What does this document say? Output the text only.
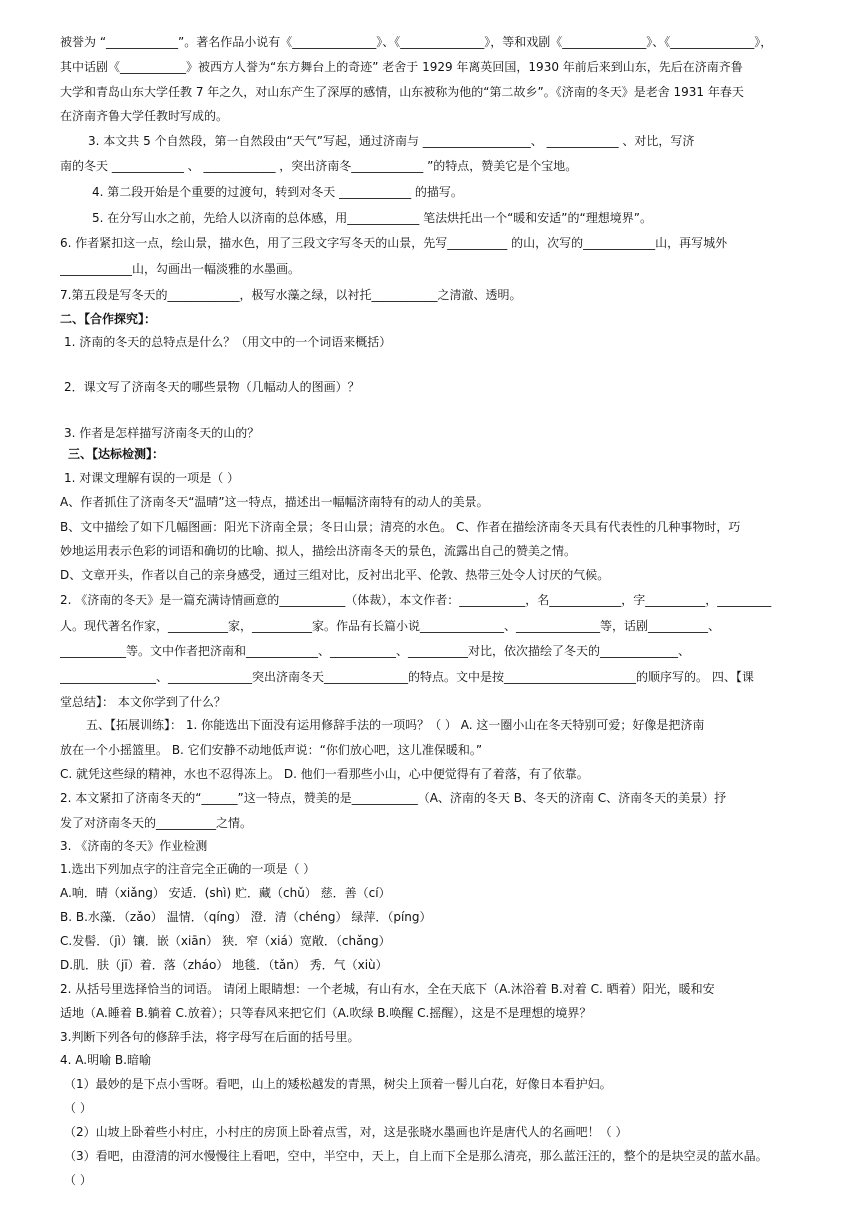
被誉为 “____________”。著名作品小说有《______________》、《______________》，等和戏剧《______________》、《______________》，
其中话剧《___________》被西方人誉为“东方舞台上的奇迹” 老舍于 1929 年离英回国，1930 年前后来到山东，先后在济南齐鲁
大学和青岛山东大学任教 7 年之久，对山东产生了深厚的感情，山东被称为他的“第二故乡”。《济南的冬天》是老舍 1931 年春天
在济南齐鲁大学任教时写成的。
3. 本文共 5 个自然段，第一自然段由“天气”写起，通过济南与 __________________、 ____________ 、对比，写济
南的冬天 ____________ 、 ____________ ，突出济南冬____________ ”的特点，赞美它是个宝地。
4. 第二段开始是个重要的过渡句，转到对冬天 ____________ 的描写。
5. 在分写山水之前，先给人以济南的总体感，用____________ 笔法烘托出一个“暖和安适”的“理想境界”。
6. 作者紧扣这一点，绘山景，描水色，用了三段文字写冬天的山景，先写__________ 的山，次写的____________山，再写城外
____________山，勾画出一幅淡雅的水墨画。
7.第五段是写冬天的____________，极写水藻之绿，以衬托___________之清澈、透明。
二、【合作探究】：
1. 济南的冬天的总特点是什么？（用文中的一个词语来概括）
2．课文写了济南冬天的哪些景物（几幅动人的图画）？
3. 作者是怎样描写济南冬天的山的？
三、【达标检测】：
1. 对课文理解有误的一项是（ ）
A、作者抓住了济南冬天“温晴”这一特点，描述出一幅幅济南特有的动人的美景。
B、文中描绘了如下几幅图画：阳光下济南全景；冬日山景；清亮的水色。 C、作者在描绘济南冬天具有代表性的几种事物时，巧
妙地运用表示色彩的词语和确切的比喻、拟人，描绘出济南冬天的景色，流露出自己的赞美之情。
D、文章开头，作者以自己的亲身感受，通过三组对比，反衬出北平、伦敦、热带三处令人讨厌的气候。
2. 《济南的冬天》是一篇充满诗情画意的___________（体裁），本文作者：___________，名____________，字__________，_________
人。现代著名作家，__________家，__________家。作品有长篇小说______________、______________等，话剧__________、
___________等。文中作者把济南和____________、___________、__________对比，依次描绘了冬天的_____________、
________________、______________突出济南冬天______________的特点。文中是按______________________的顺序写的。 四、【课
堂总结】： 本文你学到了什么？
五、【拓展训练】： 1. 你能选出下面没有运用修辞手法的一项吗？（ ） A. 这一圈小山在冬天特别可爱；好像是把济南
放在一个小摇篮里。 B. 它们安静不动地低声说：“你们放心吧，这儿准保暖和。”
C. 就凭这些绿的精神，水也不忍得冻上。 D. 他们一看那些小山，心中便觉得有了着落，有了依靠。
2. 本文紧扣了济南冬天的“______”这一特点，赞美的是___________（A、济南的冬天 B、冬天的济南 C、济南冬天的美景）抒
发了对济南冬天的__________之情。
3. 《济南的冬天》作业检测
1.选出下列加点字的注音完全正确的一项是（ ）
A.响．晴（xiǎng） 安适．(shì) 贮．藏（chǔ） 慈．善（cí）
B. B.水藻．（zǎo） 温情．（qíng） 澄．清（chéng） 绿萍．（píng）
C.发髻．（jì）镶．嵌（xiān） 狭．窄（xiá）宽敞．（chǎng）
D.肌．肤（jī）着．落（zháo） 地毯．（tǎn） 秀．气（xiù）
2. 从括号里选择恰当的词语。 请闭上眼睛想：一个老城，有山有水，全在天底下（A.沐浴着 B.对着 C. 晒着）阳光，暖和安
适地（A.睡着 B.躺着 C.放着）；只等春风来把它们（A.吹绿 B.唤醒 C.摇醒），这是不是理想的境界？
3.判断下列各句的修辞手法，将字母写在后面的括号里。
4. A.明喻 B.暗喻
（1）最妙的是下点小雪呀。看吧，山上的矮松越发的青黑，树尖上顶着一髻儿白花，好像日本看护妇。
（ ）
（2）山坡上卧着些小村庄，小村庄的房顶上卧着点雪，对，这是张晓水墨画也许是唐代人的名画吧！（ ）
（3）看吧，由澄清的河水慢慢往上看吧，空中，半空中，天上，自上而下全是那么清亮，那么蓝汪汪的，整个的是块空灵的蓝水晶。
（ ）
